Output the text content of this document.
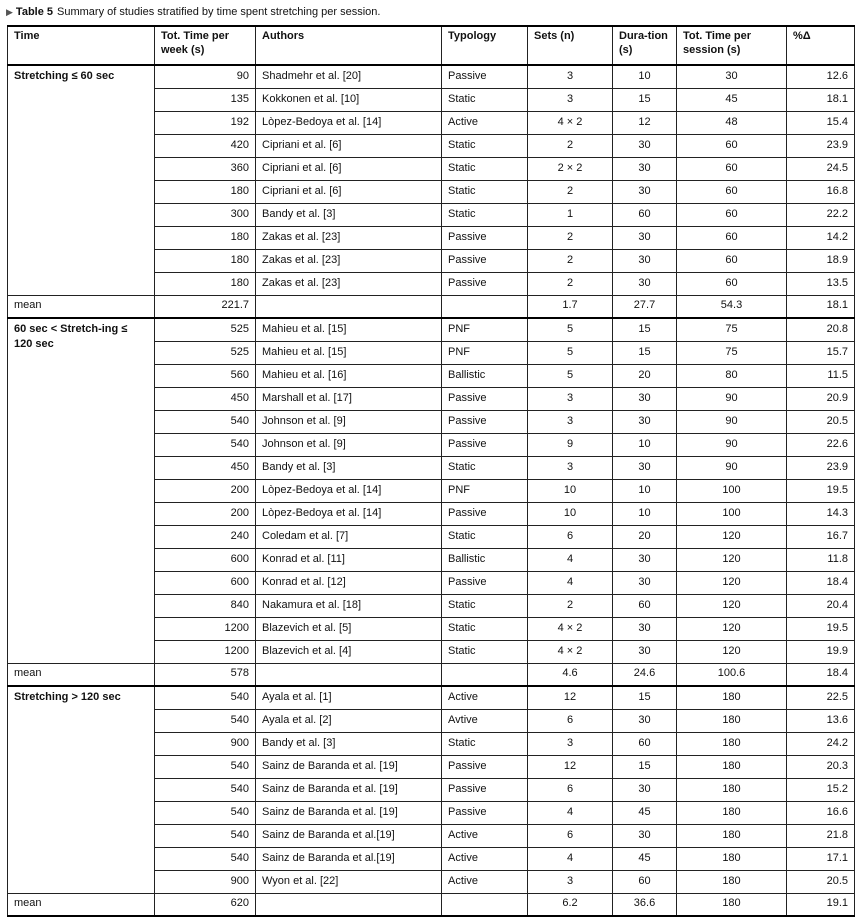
▶ Table 5 Summary of studies stratified by time spent stretching per session.
Time	Tot. Time per week (s)	Authors	Typology	Sets (n)	Dura-tion (s)	Tot. Time per session (s)	%Δ
Stretching ≤ 60 sec	90	Shadmehr et al. [20]	Passive	3	10	30	12.6
	135	Kokkonen et al. [10]	Static	3	15	45	18.1
	192	Lòpez-Bedoya et al. [14]	Active	4 × 2	12	48	15.4
	420	Cipriani et al. [6]	Static	2	30	60	23.9
	360	Cipriani et al. [6]	Static	2 × 2	30	60	24.5
	180	Cipriani et al. [6]	Static	2	30	60	16.8
	300	Bandy et al. [3]	Static	1	60	60	22.2
	180	Zakas et al. [23]	Passive	2	30	60	14.2
	180	Zakas et al. [23]	Passive	2	30	60	18.9
	180	Zakas et al. [23]	Passive	2	30	60	13.5
mean	221.7			1.7	27.7	54.3	18.1
60 sec < Stretch-ing ≤ 120 sec	525	Mahieu et al. [15]	PNF	5	15	75	20.8
	525	Mahieu et al. [15]	PNF	5	15	75	15.7
	560	Mahieu et al. [16]	Ballistic	5	20	80	11.5
	450	Marshall et al. [17]	Passive	3	30	90	20.9
	540	Johnson et al. [9]	Passive	3	30	90	20.5
	540	Johnson et al. [9]	Passive	9	10	90	22.6
	450	Bandy et al. [3]	Static	3	30	90	23.9
	200	Lòpez-Bedoya et al. [14]	PNF	10	10	100	19.5
	200	Lòpez-Bedoya et al. [14]	Passive	10	10	100	14.3
	240	Coledam et al. [7]	Static	6	20	120	16.7
	600	Konrad et al. [11]	Ballistic	4	30	120	11.8
	600	Konrad et al. [12]	Passive	4	30	120	18.4
	840	Nakamura et al. [18]	Static	2	60	120	20.4
	1200	Blazevich et al. [5]	Static	4 × 2	30	120	19.5
	1200	Blazevich et al. [4]	Static	4 × 2	30	120	19.9
mean	578			4.6	24.6	100.6	18.4
Stretching > 120 sec	540	Ayala et al. [1]	Active	12	15	180	22.5
	540	Ayala et al. [2]	Avtive	6	30	180	13.6
	900	Bandy et al. [3]	Static	3	60	180	24.2
	540	Sainz de Baranda et al. [19]	Passive	12	15	180	20.3
	540	Sainz de Baranda et al. [19]	Passive	6	30	180	15.2
	540	Sainz de Baranda et al. [19]	Passive	4	45	180	16.6
	540	Sainz de Baranda et al.[19]	Active	6	30	180	21.8
	540	Sainz de Baranda et al.[19]	Active	4	45	180	17.1
	900	Wyon et al. [22]	Active	3	60	180	20.5
mean	620			6.2	36.6	180	19.1
